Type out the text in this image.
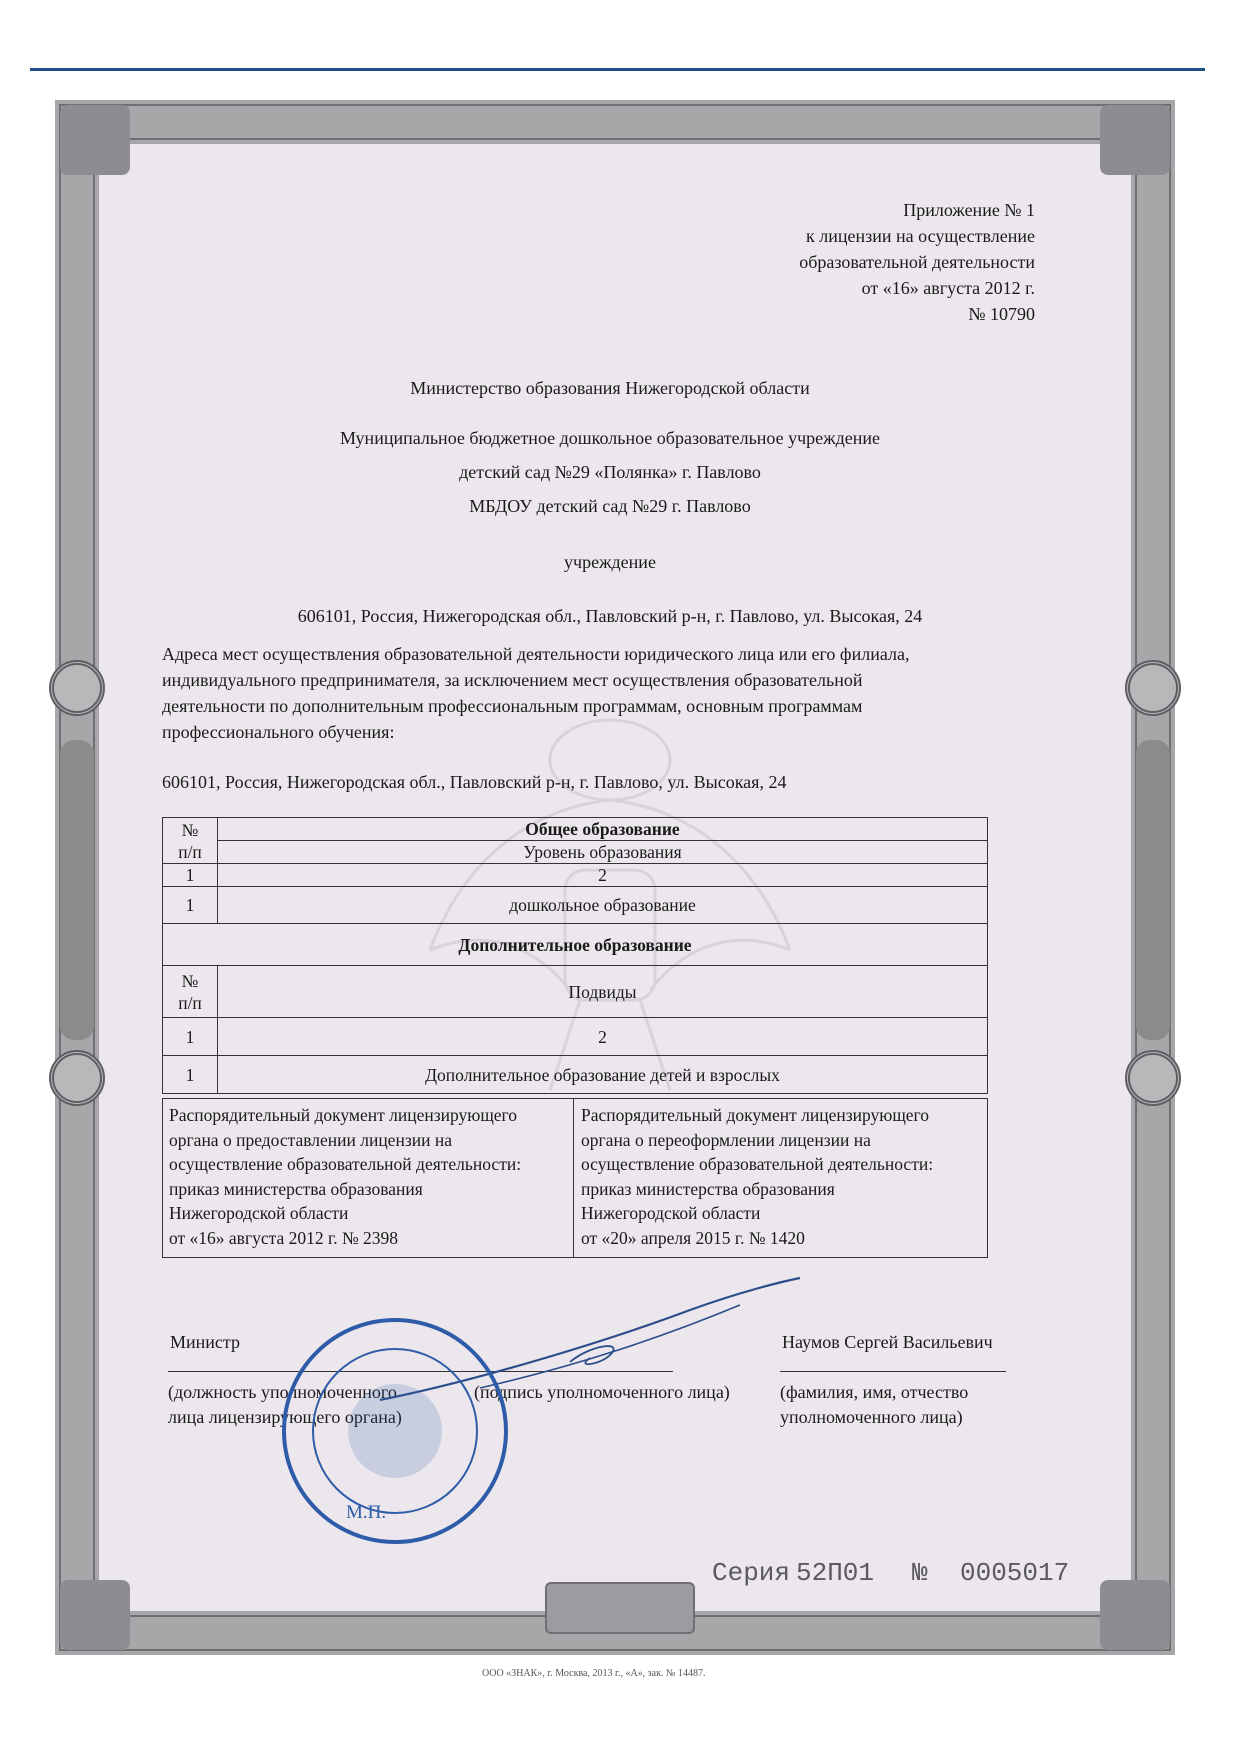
Приложение № 1
к лицензии на осуществление
образовательной деятельности
от «16» августа 2012 г.
№ 10790
Министерство образования Нижегородской области
Муниципальное бюджетное дошкольное образовательное учреждение
детский сад №29 «Полянка» г. Павлово
МБДОУ детский сад №29 г. Павлово
учреждение
606101, Россия, Нижегородская обл., Павловский р-н, г. Павлово, ул. Высокая, 24
Адреса мест осуществления образовательной деятельности юридического лица или его филиала,
индивидуального предпринимателя, за исключением мест осуществления образовательной
деятельности по дополнительным профессиональным программам, основным программам
профессионального обучения:
606101, Россия, Нижегородская обл., Павловский р-н, г. Павлово, ул. Высокая, 24
№
п/п	Общее образование
	Уровень образования
1	2
1	дошкольное образование
Дополнительное образование	
№
п/п	Подвиды
1	2
1	Дополнительное образование детей и взрослых
Распорядительный документ лицензирующего
органа о предоставлении лицензии на
осуществление образовательной деятельности:
приказ министерства образования
Нижегородской области
от «16» августа 2012 г. № 2398
Распорядительный документ лицензирующего
органа о переоформлении лицензии на
осуществление образовательной деятельности:
приказ министерства образования
Нижегородской области
от «20» апреля 2015 г. № 1420
Министр	Наумов Сергей Васильевич
(должность уполномоченного
лица лицензирующего органа)
(подпись уполномоченного лица)	(фамилия, имя, отчество
уполномоченного лица)
М.П.
Серия 52П01 № 0005017
ООО «ЗНАК», г. Москва, 2013 г., «А», зак. № 14487.
